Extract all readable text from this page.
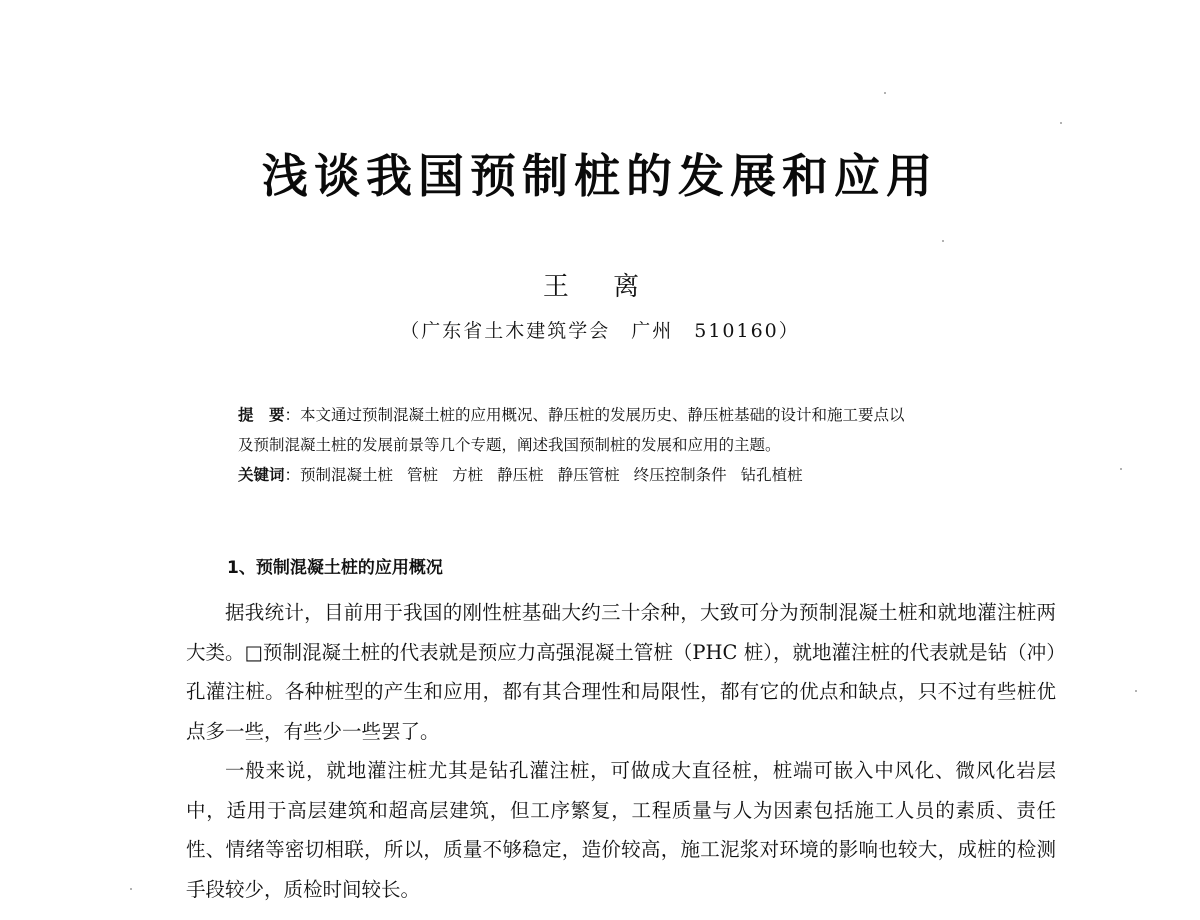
浅谈我国预制桩的发展和应用
王 离
（广东省土木建筑学会　广州　510160）
提　要：本文通过预制混凝土桩的应用概况、静压桩的发展历史、静压桩基础的设计和施工要点以
及预制混凝土桩的发展前景等几个专题，阐述我国预制桩的发展和应用的主题。
关键词：预制混凝土桩 管桩 方桩 静压桩 静压管桩 终压控制条件 钻孔植桩
1、预制混凝土桩的应用概况

据我统计，目前用于我国的刚性桩基础大约三十余种，大致可分为预制混凝土桩和就地灌注桩两大类。□预制混凝土桩的代表就是预应力高强混凝土管桩（PHC 桩），就地灌注桩的代表就是钻（冲）孔灌注桩。各种桩型的产生和应用，都有其合理性和局限性，都有它的优点和缺点，只不过有些桩优点多一些，有些少一些罢了。

一般来说，就地灌注桩尤其是钻孔灌注桩，可做成大直径桩，桩端可嵌入中风化、微风化岩层中，适用于高层建筑和超高层建筑，但工序繁复，工程质量与人为因素包括施工人员的素质、责任性、情绪等密切相联，所以，质量不够稳定，造价较高，施工泥浆对环境的影响也较大，成桩的检测手段较少，质检时间较长。
